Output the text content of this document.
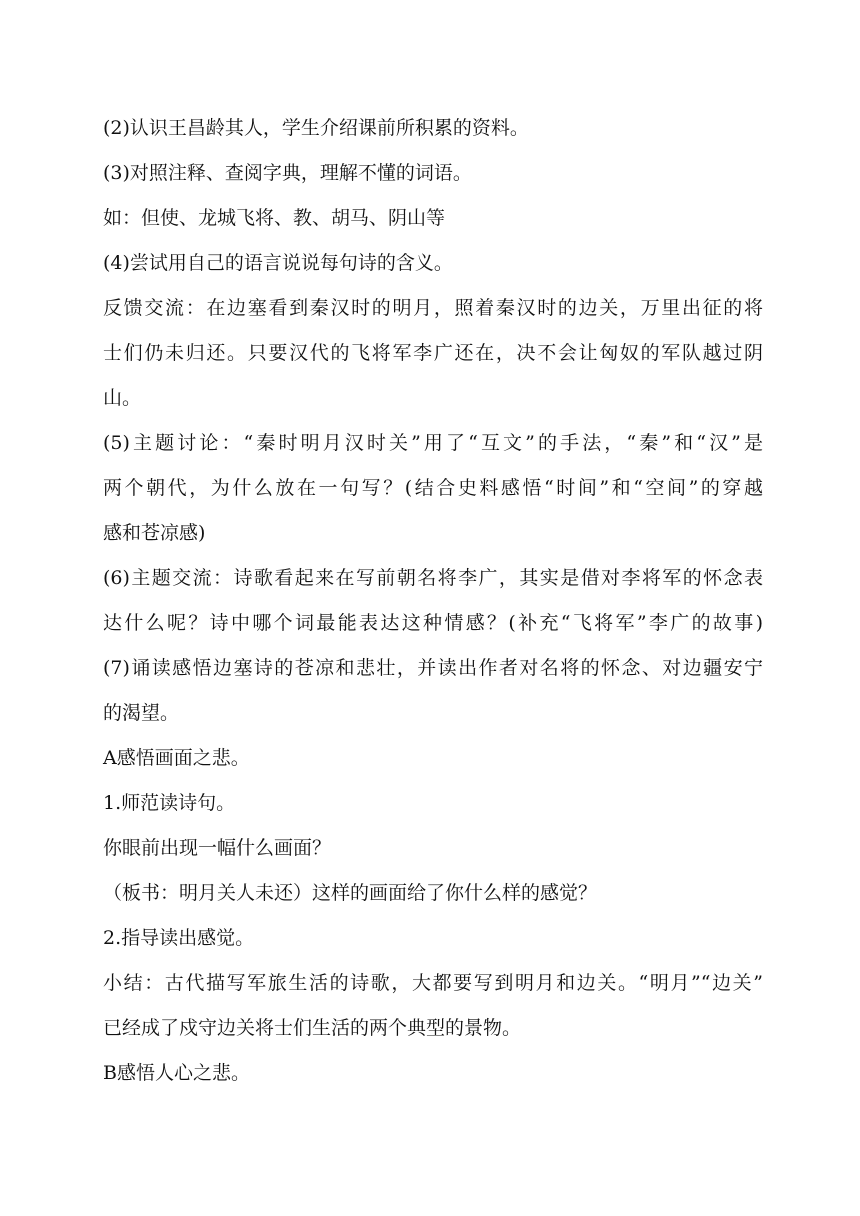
(2)认识王昌龄其人，学生介绍课前所积累的资料。

(3)对照注释、查阅字典，理解不懂的词语。

如：但使、龙城飞将、教、胡马、阴山等

(4)尝试用自己的语言说说每句诗的含义。

反馈交流：在边塞看到秦汉时的明月，照着秦汉时的边关，万里出征的将

士们仍未归还。只要汉代的飞将军李广还在，决不会让匈奴的军队越过阴

山。

(5)主题讨论：“秦时明月汉时关”用了“互文”的手法，“秦”和“汉”是

两个朝代，为什么放在一句写？(结合史料感悟“时间”和“空间”的穿越

感和苍凉感)

(6)主题交流：诗歌看起来在写前朝名将李广，其实是借对李将军的怀念表

达什么呢？诗中哪个词最能表达这种情感？(补充“飞将军”李广的故事)

(7)诵读感悟边塞诗的苍凉和悲壮，并读出作者对名将的怀念、对边疆安宁

的渴望。

A感悟画面之悲。

1.师范读诗句。

你眼前出现一幅什么画面？

（板书：明月关人未还）这样的画面给了你什么样的感觉？

2.指导读出感觉。

小结：古代描写军旅生活的诗歌，大都要写到明月和边关。“明月”“边关”

已经成了戍守边关将士们生活的两个典型的景物。

B感悟人心之悲。
